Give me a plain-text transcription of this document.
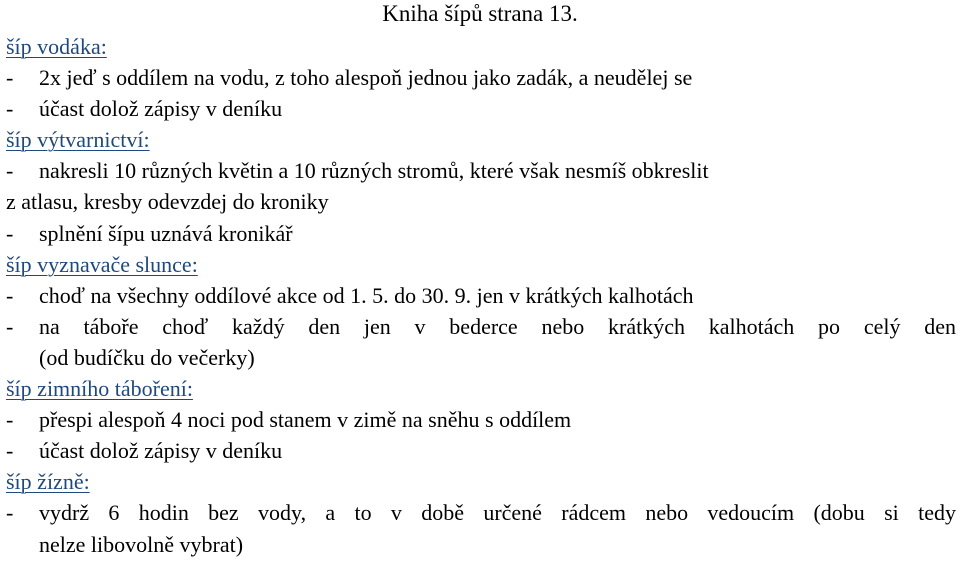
Kniha šípů strana 13.
šíp vodáka:
-	2x jeď s oddílem na vodu, z toho alespoň jednou jako zadák, a neudělej se
-	účast dolož zápisy v deníku
šíp výtvarnictví:
-	nakresli 10 různých květin a 10 různých stromů, které však nesmíš obkreslit
z atlasu, kresby odevzdej do kroniky
-	splnění šípu uznává kronikář
šíp vyznavače slunce:
-	choď na všechny oddílové akce od 1. 5. do 30. 9. jen v krátkých kalhotách
-	na táboře choď každý den jen v bederce nebo krátkých kalhotách po celý den
(od budíčku do večerky)
šíp zimního táboření:
-	přespi alespoň 4 noci pod stanem v zimě na sněhu s oddílem
-	účast dolož zápisy v deníku
šíp žízně:
-	vydrž 6 hodin bez vody, a to v době určené rádcem nebo vedoucím (dobu si tedy
nelze libovolně vybrat)
